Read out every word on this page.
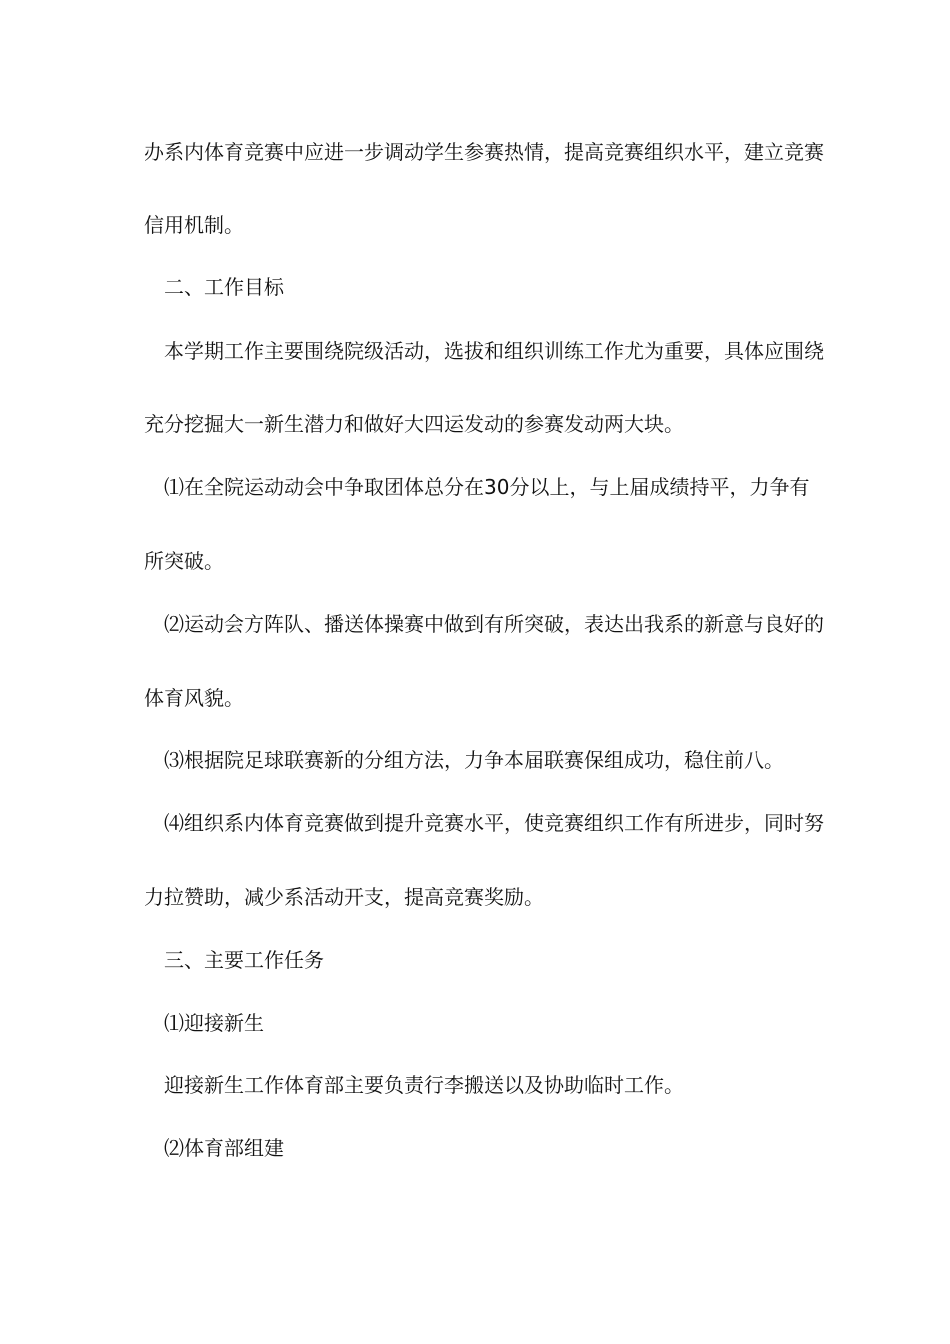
办系内体育竞赛中应进一步调动学生参赛热情，提高竞赛组织水平，建立竞赛

信用机制。

二、工作目标

本学期工作主要围绕院级活动，选拔和组织训练工作尤为重要，具体应围绕

充分挖掘大一新生潜力和做好大四运发动的参赛发动两大块。

⑴在全院运动动会中争取团体总分在30分以上，与上届成绩持平，力争有

所突破。

⑵运动会方阵队、播送体操赛中做到有所突破，表达出我系的新意与良好的

体育风貌。

⑶根据院足球联赛新的分组方法，力争本届联赛保组成功，稳住前八。

⑷组织系内体育竞赛做到提升竞赛水平，使竞赛组织工作有所进步，同时努

力拉赞助，减少系活动开支，提高竞赛奖励。

三、主要工作任务

⑴迎接新生

迎接新生工作体育部主要负责行李搬送以及协助临时工作。

⑵体育部组建
